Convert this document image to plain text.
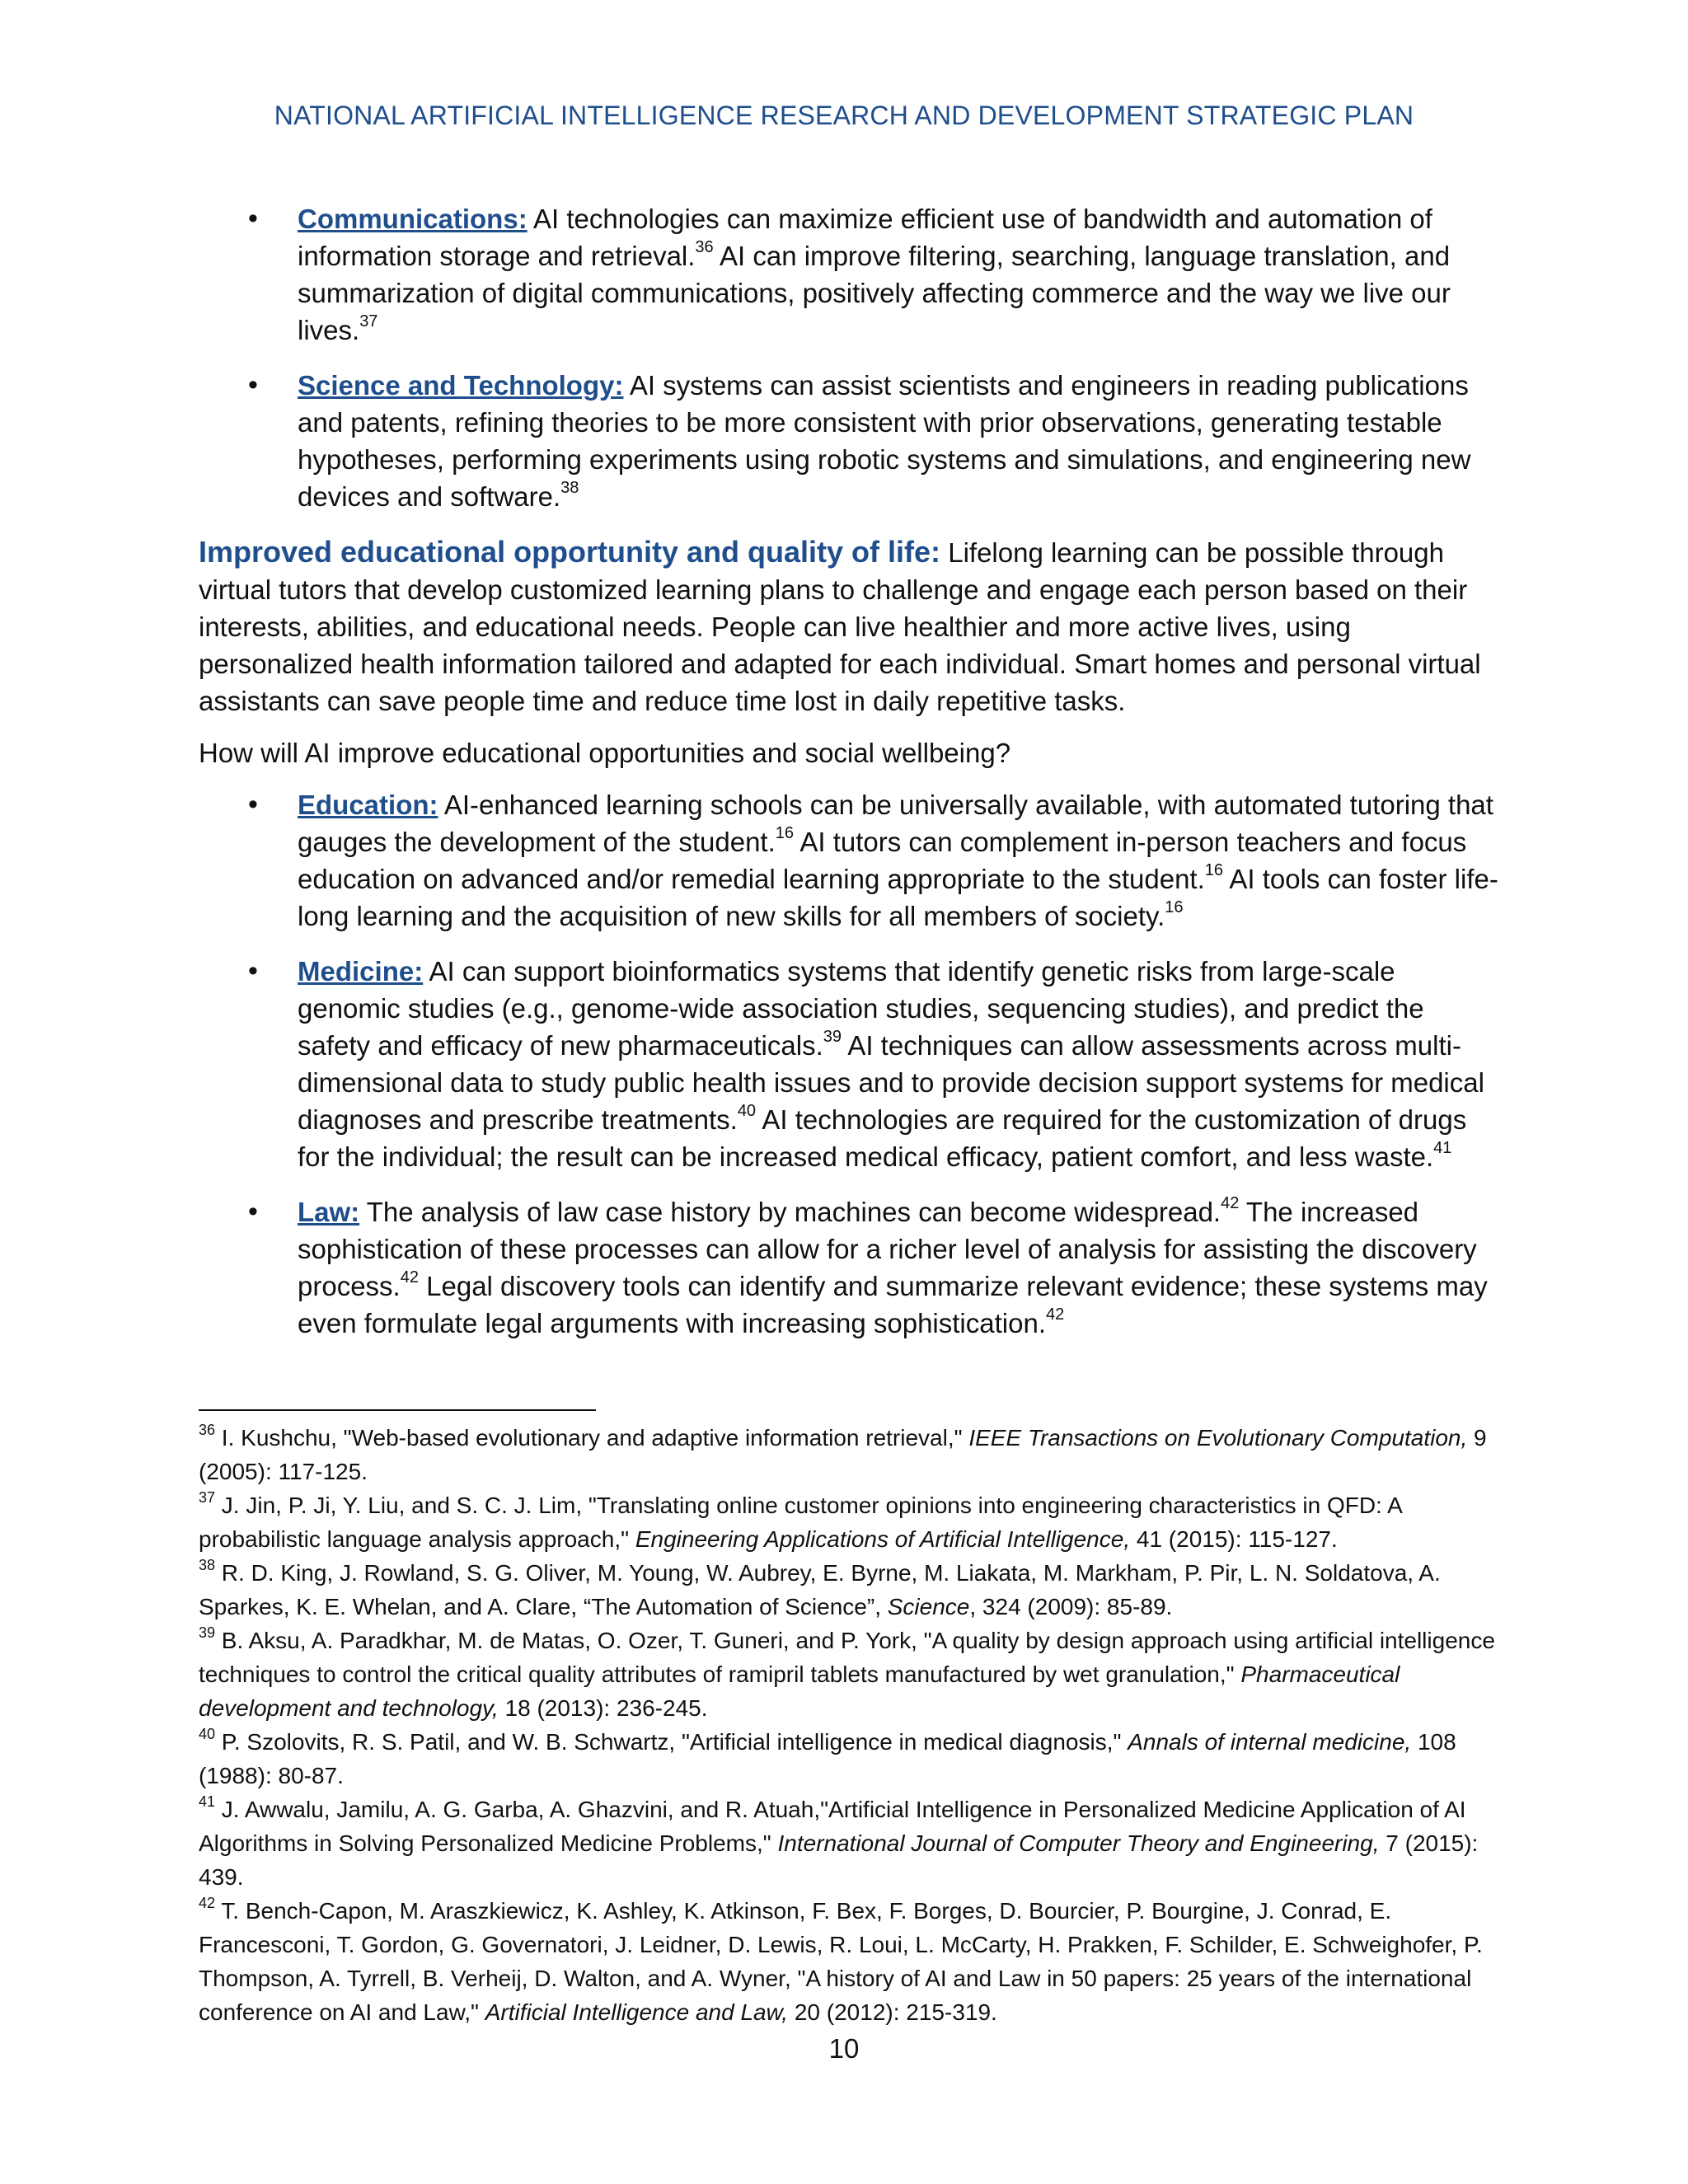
NATIONAL ARTIFICIAL INTELLIGENCE RESEARCH AND DEVELOPMENT STRATEGIC PLAN
• Communications: AI technologies can maximize efficient use of bandwidth and automation of information storage and retrieval.$^{36}$ AI can improve filtering, searching, language translation, and summarization of digital communications, positively affecting commerce and the way we live our lives.$^{37}$
• Science and Technology: AI systems can assist scientists and engineers in reading publications and patents, refining theories to be more consistent with prior observations, generating testable hypotheses, performing experiments using robotic systems and simulations, and engineering new devices and software.$^{38}$

Improved educational opportunity and quality of life: Lifelong learning can be possible through virtual tutors that develop customized learning plans to challenge and engage each person based on their interests, abilities, and educational needs. People can live healthier and more active lives, using personalized health information tailored and adapted for each individual. Smart homes and personal virtual assistants can save people time and reduce time lost in daily repetitive tasks.

How will AI improve educational opportunities and social wellbeing?

• Education: AI-enhanced learning schools can be universally available, with automated tutoring that gauges the development of the student.$^{16}$ AI tutors can complement in-person teachers and focus education on advanced and/or remedial learning appropriate to the student.$^{16}$ AI tools can foster life-long learning and the acquisition of new skills for all members of society.$^{16}$
• Medicine: AI can support bioinformatics systems that identify genetic risks from large-scale genomic studies (e.g., genome-wide association studies, sequencing studies), and predict the safety and efficacy of new pharmaceuticals.$^{39}$ AI techniques can allow assessments across multi-dimensional data to study public health issues and to provide decision support systems for medical diagnoses and prescribe treatments.$^{40}$ AI technologies are required for the customization of drugs for the individual; the result can be increased medical efficacy, patient comfort, and less waste.$^{41}$
• Law: The analysis of law case history by machines can become widespread.$^{42}$ The increased sophistication of these processes can allow for a richer level of analysis for assisting the discovery process.$^{42}$ Legal discovery tools can identify and summarize relevant evidence; these systems may even formulate legal arguments with increasing sophistication.$^{42}$

$^{36}$ I. Kushchu, "Web-based evolutionary and adaptive information retrieval," IEEE Transactions on Evolutionary Computation, 9 (2005): 117-125.

$^{37}$ J. Jin, P. Ji, Y. Liu, and S. C. J. Lim, "Translating online customer opinions into engineering characteristics in QFD: A probabilistic language analysis approach," Engineering Applications of Artificial Intelligence, 41 (2015): 115-127.

$^{38}$ R. D. King, J. Rowland, S. G. Oliver, M. Young, W. Aubrey, E. Byrne, M. Liakata, M. Markham, P. Pir, L. N. Soldatova, A. Sparkes, K. E. Whelan, and A. Clare, “The Automation of Science”, Science, 324 (2009): 85-89.

$^{39}$ B. Aksu, A. Paradkhar, M. de Matas, O. Ozer, T. Guneri, and P. York, "A quality by design approach using artificial intelligence techniques to control the critical quality attributes of ramipril tablets manufactured by wet granulation," Pharmaceutical development and technology, 18 (2013): 236-245.

$^{40}$ P. Szolovits, R. S. Patil, and W. B. Schwartz, "Artificial intelligence in medical diagnosis," Annals of internal medicine, 108 (1988): 80-87.

$^{41}$ J. Awwalu, Jamilu, A. G. Garba, A. Ghazvini, and R. Atuah,"Artificial Intelligence in Personalized Medicine Application of AI Algorithms in Solving Personalized Medicine Problems," International Journal of Computer Theory and Engineering, 7 (2015): 439.

$^{42}$ T. Bench-Capon, M. Araszkiewicz, K. Ashley, K. Atkinson, F. Bex, F. Borges, D. Bourcier, P. Bourgine, J. Conrad, E. Francesconi, T. Gordon, G. Governatori, J. Leidner, D. Lewis, R. Loui, L. McCarty, H. Prakken, F. Schilder, E. Schweighofer, P. Thompson, A. Tyrrell, B. Verheij, D. Walton, and A. Wyner, "A history of AI and Law in 50 papers: 25 years of the international conference on AI and Law," Artificial Intelligence and Law, 20 (2012): 215-319.

10
